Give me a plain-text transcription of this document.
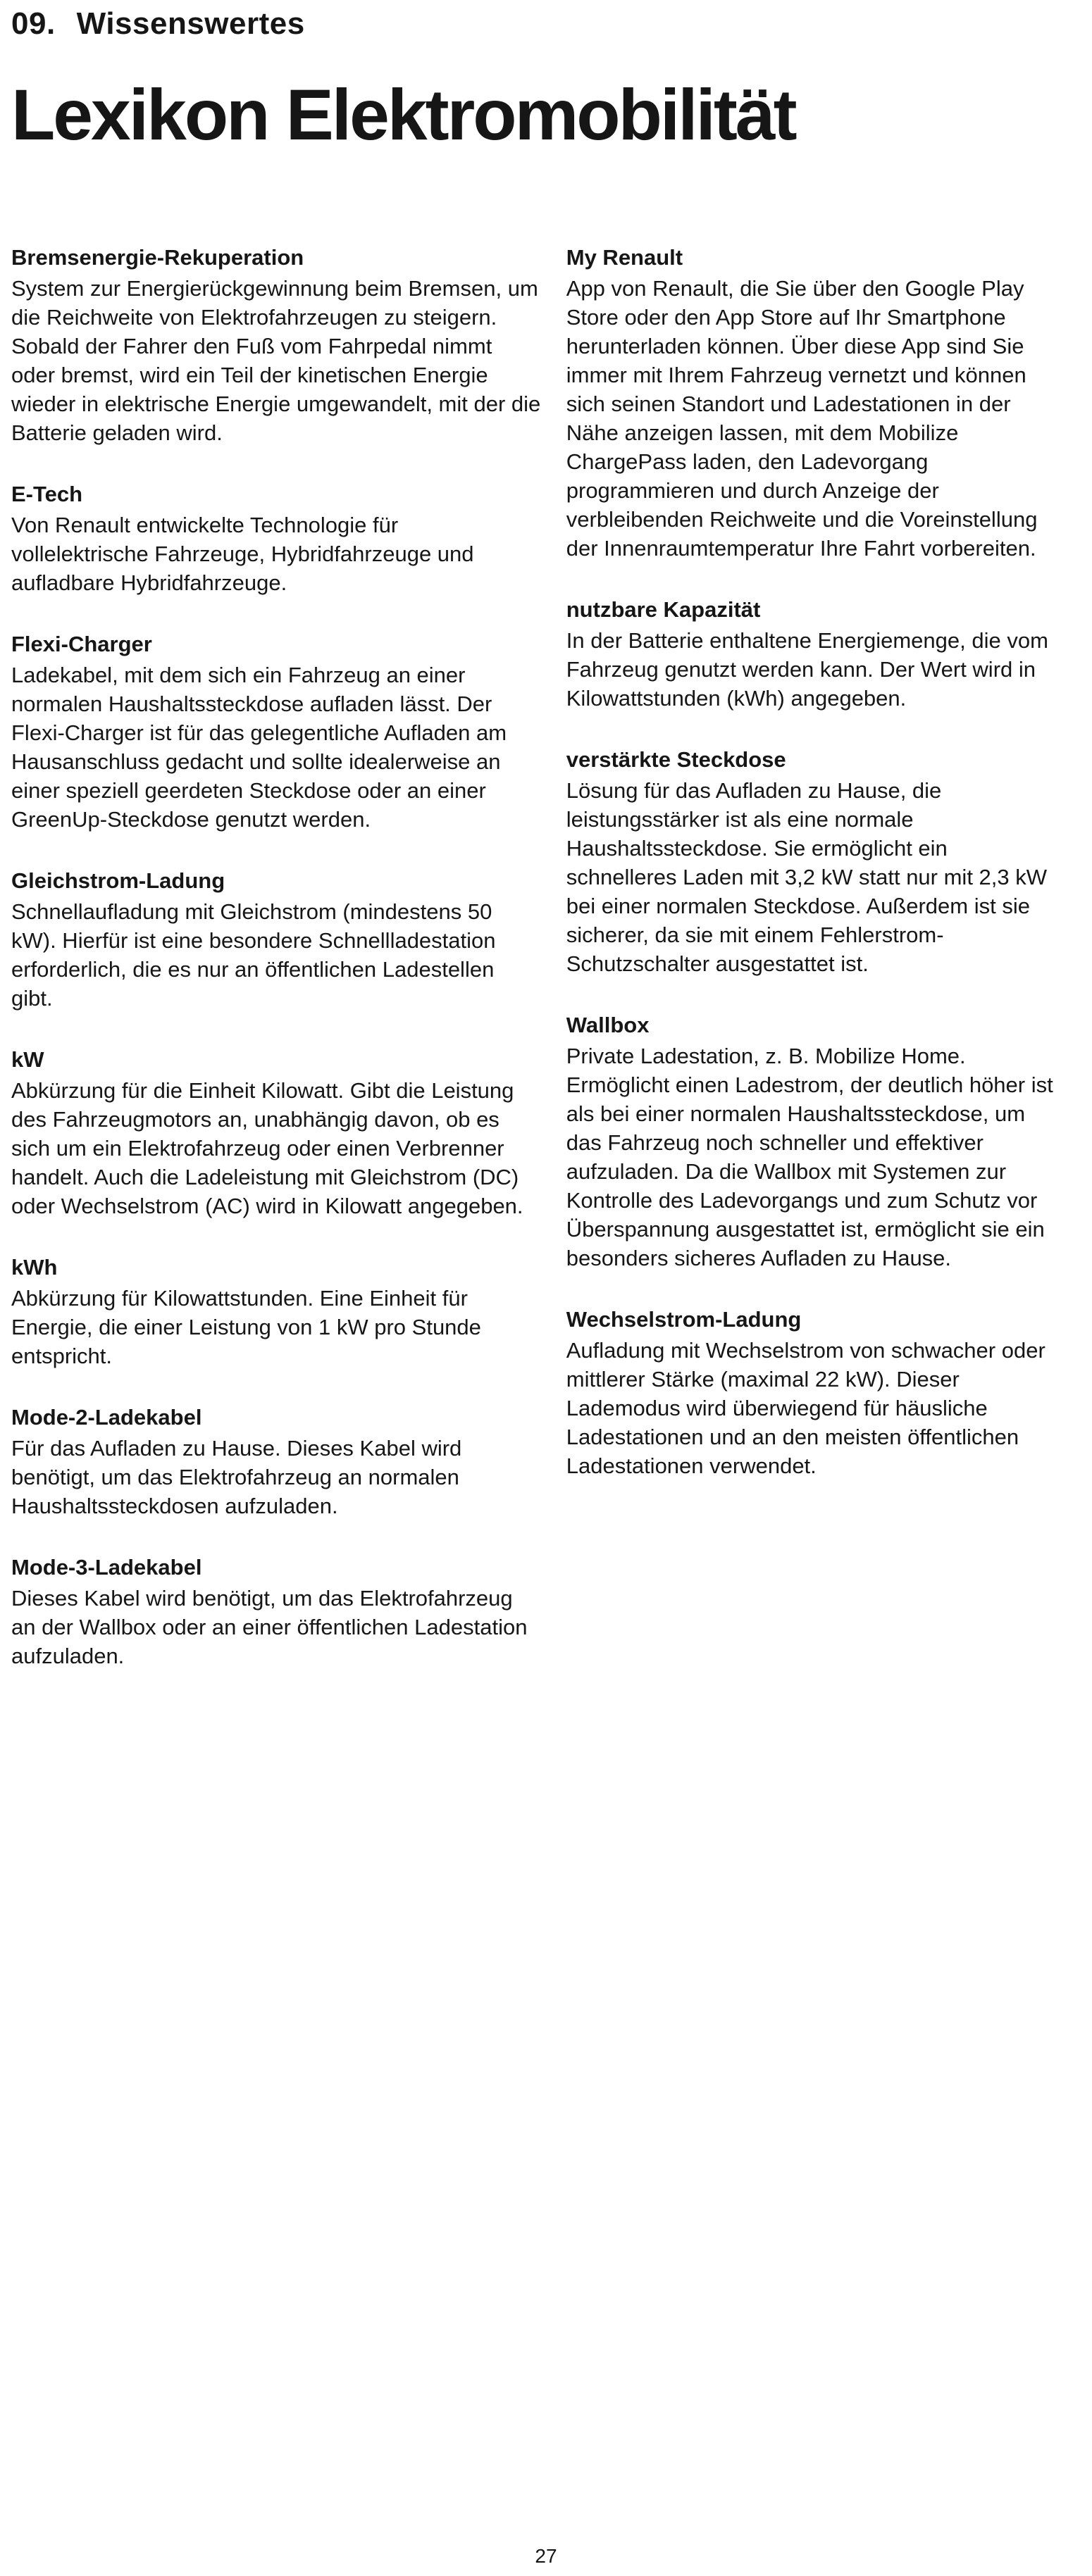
09. Wissenswertes
Lexikon Elektromobilität
Bremsenergie-Rekuperation

System zur Energierückgewinnung beim Bremsen, um die Reichweite von Elektrofahrzeugen zu steigern. Sobald der Fahrer den Fuß vom Fahrpedal nimmt oder bremst, wird ein Teil der kinetischen Energie wieder in elektrische Energie umgewandelt, mit der die Batterie geladen wird.

E-Tech

Von Renault entwickelte Technologie für vollelektrische Fahrzeuge, Hybridfahrzeuge und aufladbare Hybridfahrzeuge.

Flexi-Charger

Ladekabel, mit dem sich ein Fahrzeug an einer normalen Haushaltssteckdose aufladen lässt. Der Flexi-Charger ist für das gelegentliche Aufladen am Hausanschluss gedacht und sollte idealerweise an einer speziell geerdeten Steckdose oder an einer GreenUp-Steckdose genutzt werden.

Gleichstrom-Ladung

Schnellaufladung mit Gleichstrom (mindestens 50 kW). Hierfür ist eine besondere Schnellladestation erforderlich, die es nur an öffentlichen Ladestellen gibt.

kW

Abkürzung für die Einheit Kilowatt. Gibt die Leistung des Fahrzeugmotors an, unabhängig davon, ob es sich um ein Elektrofahrzeug oder einen Verbrenner handelt. Auch die Ladeleistung mit Gleichstrom (DC) oder Wechselstrom (AC) wird in Kilowatt angegeben.

kWh

Abkürzung für Kilowattstunden. Eine Einheit für Energie, die einer Leistung von 1 kW pro Stunde entspricht.

Mode-2-Ladekabel

Für das Aufladen zu Hause. Dieses Kabel wird benötigt, um das Elektrofahrzeug an normalen Haushaltssteckdosen aufzuladen.

Mode-3-Ladekabel

Dieses Kabel wird benötigt, um das Elektrofahrzeug an der Wallbox oder an einer öffentlichen Ladestation aufzuladen.

My Renault

App von Renault, die Sie über den Google Play Store oder den App Store auf Ihr Smartphone herunterladen können. Über diese App sind Sie immer mit Ihrem Fahrzeug vernetzt und können sich seinen Standort und Ladestationen in der Nähe anzeigen lassen, mit dem Mobilize ChargePass laden, den Ladevorgang programmieren und durch Anzeige der verbleibenden Reichweite und die Voreinstellung der Innenraumtemperatur Ihre Fahrt vorbereiten.

nutzbare Kapazität

In der Batterie enthaltene Energiemenge, die vom Fahrzeug genutzt werden kann. Der Wert wird in Kilowattstunden (kWh) angegeben.

verstärkte Steckdose

Lösung für das Aufladen zu Hause, die leistungsstärker ist als eine normale Haushaltssteckdose. Sie ermöglicht ein schnelleres Laden mit 3,2 kW statt nur mit 2,3 kW bei einer normalen Steckdose. Außerdem ist sie sicherer, da sie mit einem Fehlerstrom-Schutzschalter ausgestattet ist.

Wallbox

Private Ladestation, z. B. Mobilize Home. Ermöglicht einen Ladestrom, der deutlich höher ist als bei einer normalen Haushaltssteckdose, um das Fahrzeug noch schneller und effektiver aufzuladen. Da die Wallbox mit Systemen zur Kontrolle des Ladevorgangs und zum Schutz vor Überspannung ausgestattet ist, ermöglicht sie ein besonders sicheres Aufladen zu Hause.

Wechselstrom-Ladung

Aufladung mit Wechselstrom von schwacher oder mittlerer Stärke (maximal 22 kW). Dieser Lademodus wird überwiegend für häusliche Ladestationen und an den meisten öffentlichen Ladestationen verwendet.

27
